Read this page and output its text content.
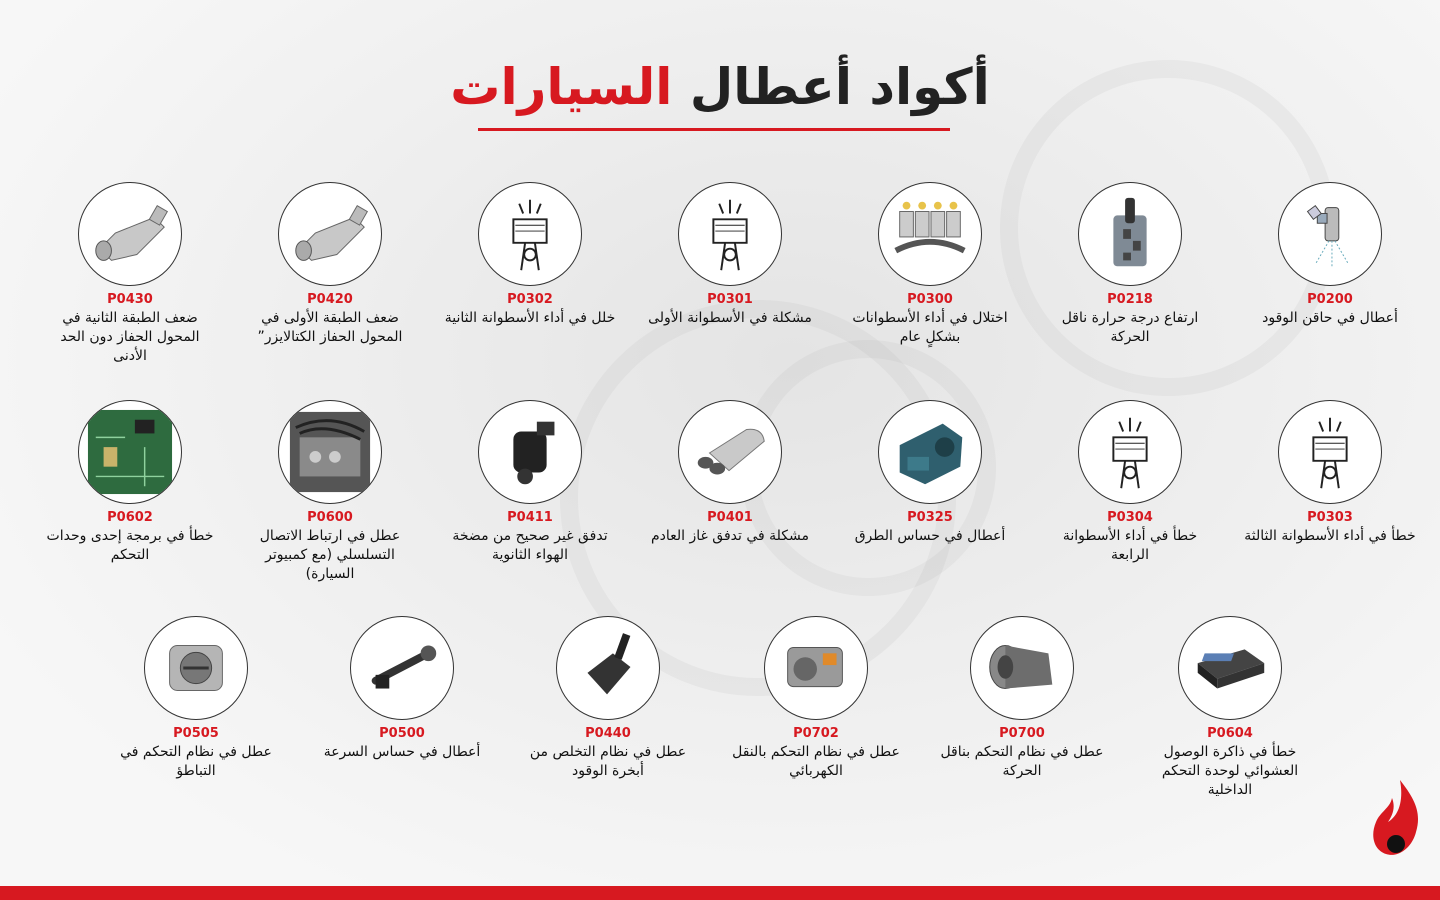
أكواد أعطال السيارات
P0200
أعطال في حاقن الوقود
P0218
ارتفاع درجة حرارة ناقل الحركة
P0300
اختلال في أداء الأسطوانات بشكلٍ عام
P0301
مشكلة في الأسطوانة الأولى
P0302
خلل في أداء الأسطوانة الثانية
P0420
ضعف الطبقة الأولى في المحول الحفاز الكتالايزر”
P0430
ضعف الطبقة الثانية في المحول الحفاز دون الحد الأدنى
P0303
خطأ في أداء الأسطوانة الثالثة
P0304
خطأ في أداء الأسطوانة الرابعة
P0325
أعطال في حساس الطرق
P0401
مشكلة في تدفق غاز العادم
P0411
تدفق غير صحيح من مضخة الهواء الثانوية
P0600
عطل في ارتباط الاتصال التسلسلي (مع كمبيوتر السيارة)
P0602
خطأ في برمجة إحدى وحدات التحكم
P0604
خطأ في ذاكرة الوصول العشوائي لوحدة التحكم الداخلية
P0700
عطل في نظام التحكم بناقل الحركة
P0702
عطل في نظام التحكم بالنقل الكهربائي
P0440
عطل في نظام التخلص من أبخرة الوقود
P0500
أعطال في حساس السرعة
P0505
عطل في نظام التحكم في التباطؤ
